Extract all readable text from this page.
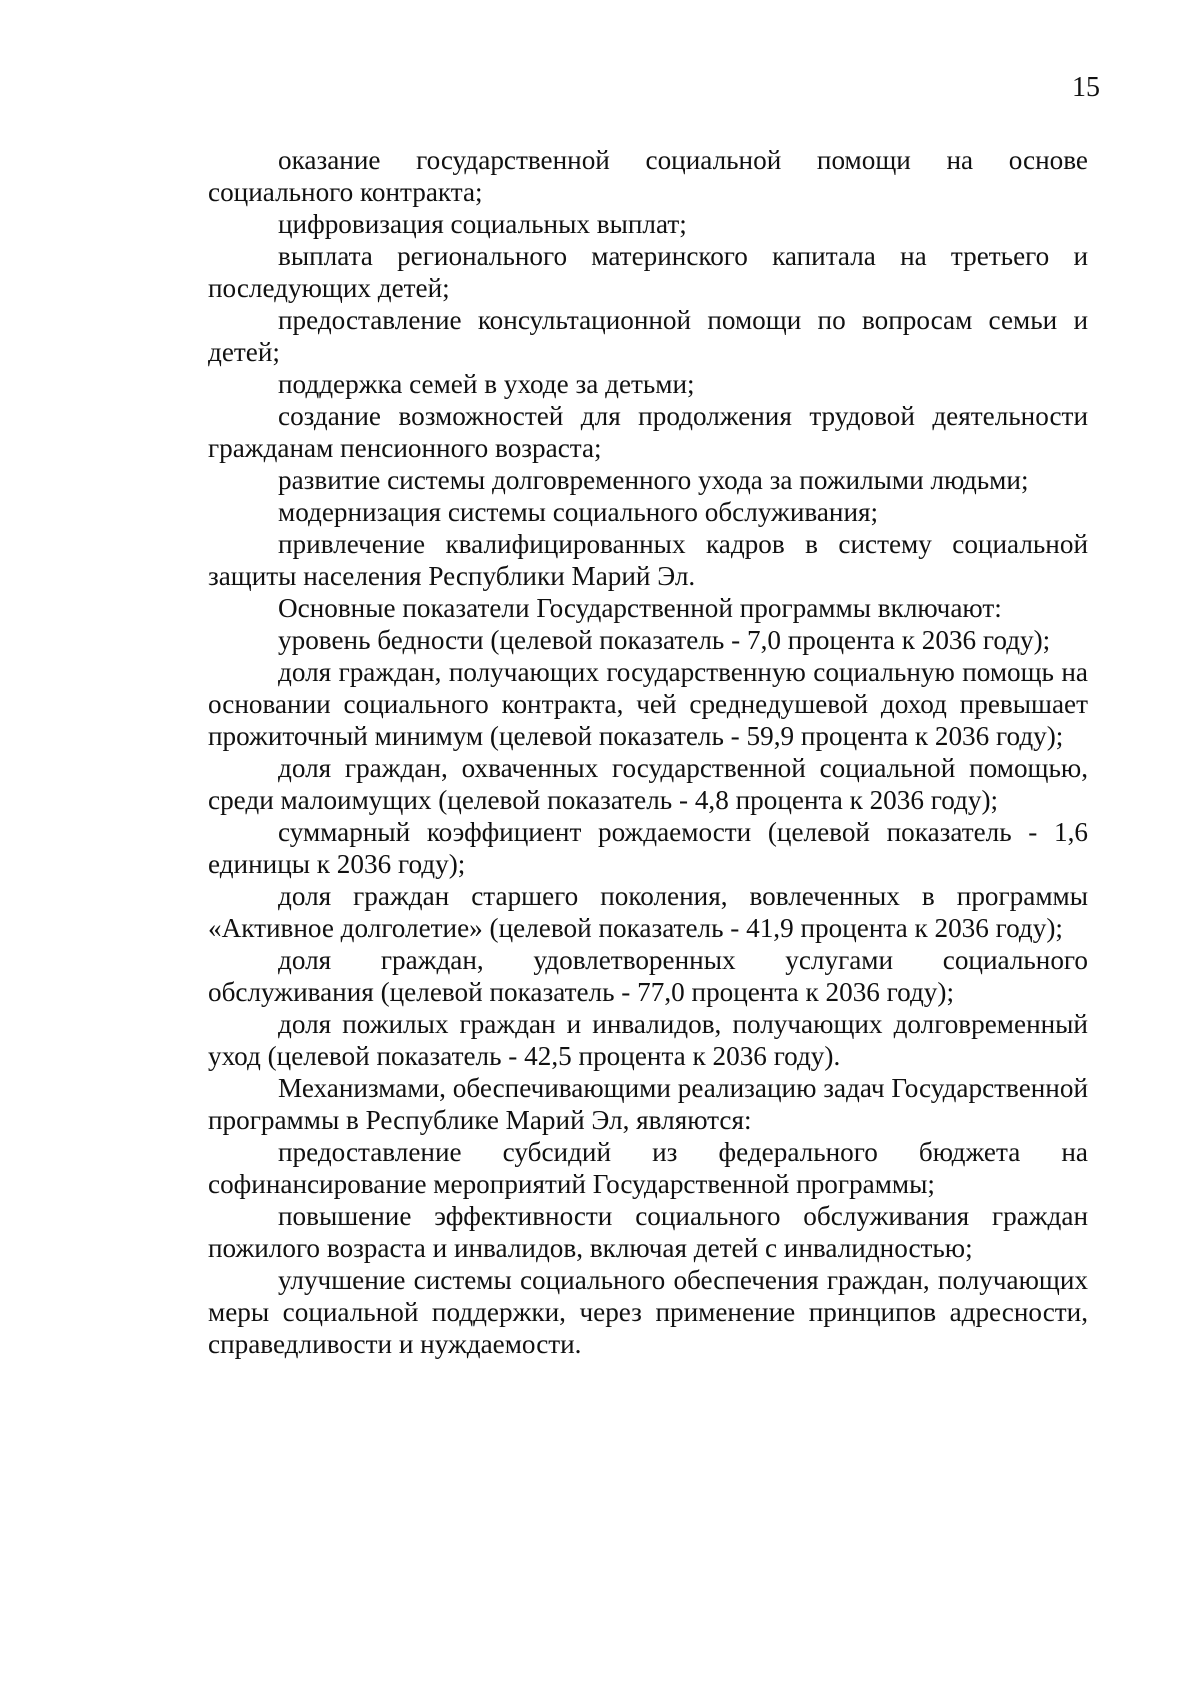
15

оказание государственной социальной помощи на основе социального контракта;

цифровизация социальных выплат;

выплата регионального материнского капитала на третьего и последующих детей;

предоставление консультационной помощи по вопросам семьи и детей;

поддержка семей в уходе за детьми;

создание возможностей для продолжения трудовой деятельности гражданам пенсионного возраста;

развитие системы долговременного ухода за пожилыми людьми;

модернизация системы социального обслуживания;

привлечение квалифицированных кадров в систему социальной защиты населения Республики Марий Эл.

Основные показатели Государственной программы включают:

уровень бедности (целевой показатель - 7,0 процента к 2036 году);

доля граждан, получающих государственную социальную помощь на основании социального контракта, чей среднедушевой доход превышает прожиточный минимум (целевой показатель - 59,9 процента к 2036 году);

доля граждан, охваченных государственной социальной помощью, среди малоимущих (целевой показатель - 4,8 процента к 2036 году);

суммарный коэффициент рождаемости (целевой показатель - 1,6 единицы к 2036 году);

доля граждан старшего поколения, вовлеченных в программы «Активное долголетие» (целевой показатель - 41,9 процента к 2036 году);

доля граждан, удовлетворенных услугами социального обслуживания (целевой показатель - 77,0 процента к 2036 году);

доля пожилых граждан и инвалидов, получающих долговременный уход (целевой показатель - 42,5 процента к 2036 году).

Механизмами, обеспечивающими реализацию задач Государственной программы в Республике Марий Эл, являются:

предоставление субсидий из федерального бюджета на софинансирование мероприятий Государственной программы;

повышение эффективности социального обслуживания граждан пожилого возраста и инвалидов, включая детей с инвалидностью;

улучшение системы социального обеспечения граждан, получающих меры социальной поддержки, через применение принципов адресности, справедливости и нуждаемости.
